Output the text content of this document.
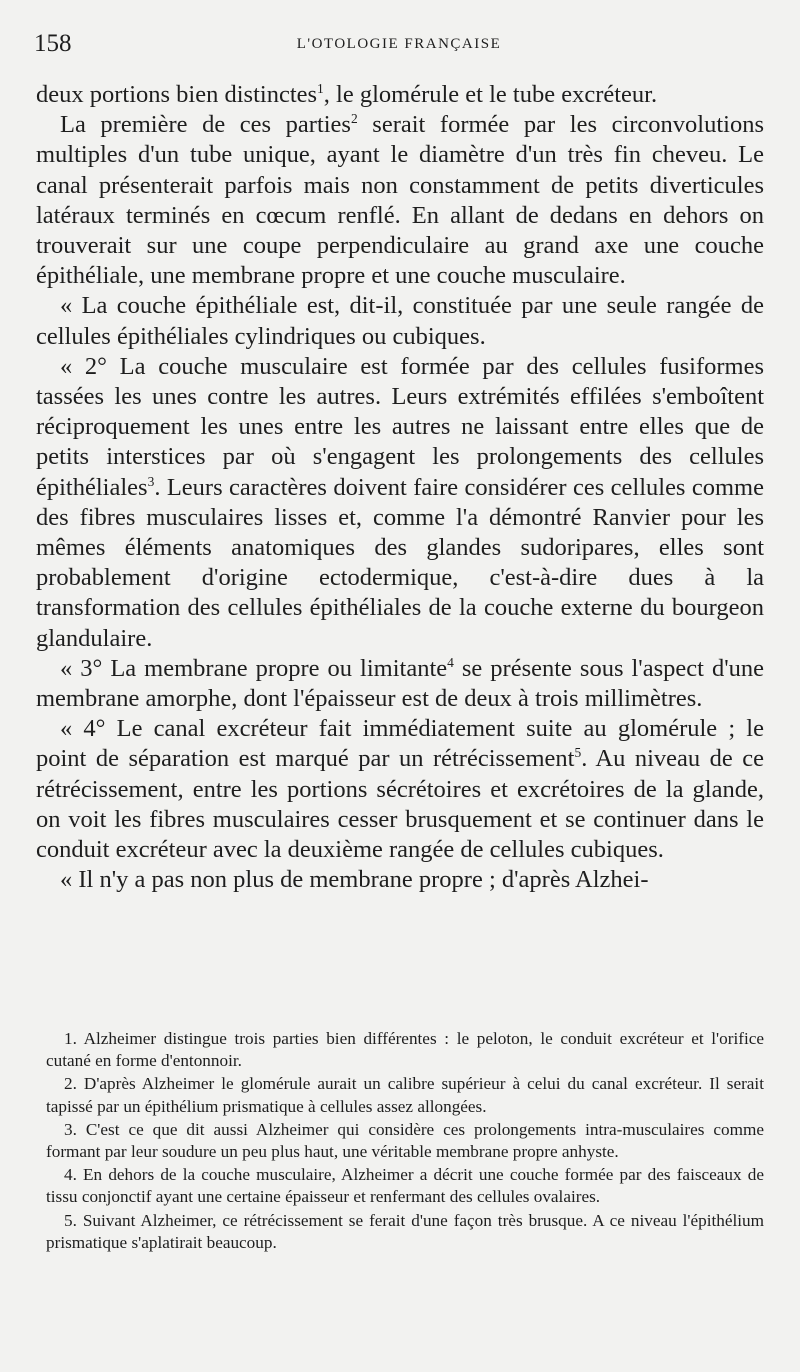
158	L'OTOLOGIE FRANÇAISE

deux portions bien distinctes$^1$, le glomérule et le tube excréteur.

La première de ces parties$^2$ serait formée par les circonvolutions multiples d'un tube unique, ayant le diamètre d'un très fin cheveu. Le canal présenterait parfois mais non constamment de petits diverticules latéraux terminés en cœcum renflé. En allant de dedans en dehors on trouverait sur une coupe perpendiculaire au grand axe une couche épithéliale, une membrane propre et une couche musculaire.

« La couche épithéliale est, dit-il, constituée par une seule rangée de cellules épithéliales cylindriques ou cubiques.

« 2° La couche musculaire est formée par des cellules fusiformes tassées les unes contre les autres. Leurs extrémités effilées s'emboîtent réciproquement les unes entre les autres ne laissant entre elles que de petits interstices par où s'engagent les prolongements des cellules épithéliales$^3$. Leurs caractères doivent faire considérer ces cellules comme des fibres musculaires lisses et, comme l'a démontré Ranvier pour les mêmes éléments anatomiques des glandes sudoripares, elles sont probablement d'origine ectodermique, c'est-à-dire dues à la transformation des cellules épithéliales de la couche externe du bourgeon glandulaire.

« 3° La membrane propre ou limitante$^4$ se présente sous l'aspect d'une membrane amorphe, dont l'épaisseur est de deux à trois millimètres.

« 4° Le canal excréteur fait immédiatement suite au glomérule ; le point de séparation est marqué par un rétrécissement$^5$. Au niveau de ce rétrécissement, entre les portions sécrétoires et excrétoires de la glande, on voit les fibres musculaires cesser brusquement et se continuer dans le conduit excréteur avec la deuxième rangée de cellules cubiques.

« Il n'y a pas non plus de membrane propre ; d'après Alzhei-

1. Alzheimer distingue trois parties bien différentes : le peloton, le conduit excréteur et l'orifice cutané en forme d'entonnoir.

2. D'après Alzheimer le glomérule aurait un calibre supérieur à celui du canal excréteur. Il serait tapissé par un épithélium prismatique à cellules assez allongées.

3. C'est ce que dit aussi Alzheimer qui considère ces prolongements intra-musculaires comme formant par leur soudure un peu plus haut, une véritable membrane propre anhyste.

4. En dehors de la couche musculaire, Alzheimer a décrit une couche formée par des faisceaux de tissu conjonctif ayant une certaine épaisseur et renfermant des cellules ovalaires.

5. Suivant Alzheimer, ce rétrécissement se ferait d'une façon très brusque. A ce niveau l'épithélium prismatique s'aplatirait beaucoup.
